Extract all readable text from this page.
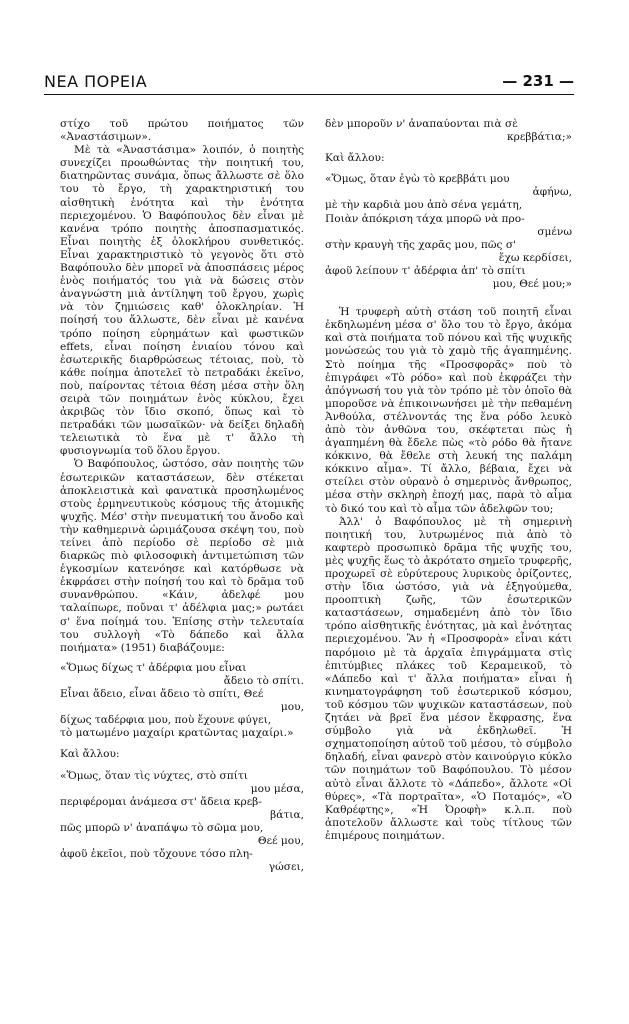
ΝΕΑ ΠΟΡΕΙΑ	— 231 —

στίχο τοῦ πρώτου ποιήματος τῶν «Ἀναστάσιμων».

Μὲ τὰ «Ἀναστάσιμα» λοιπόν, ὁ ποιητὴς συνεχίζει προωθώντας τὴν ποιητική του, διατηρῶντας συνάμα, ὅπως ἄλλωστε σὲ ὅλο του τὸ ἔργο, τὴ χαρακτηριστική του αἰσθητικὴ ἑνότητα καὶ τὴν ἑνότητα περιεχομένου. Ὁ Βαφόπουλος δὲν εἶναι μὲ κανένα τρόπο ποιητὴς ἀποσπασματικός. Εἶναι ποιητὴς ἐξ ὁλοκλήρου συνθετικός. Εἶναι χαρακτηριστικὸ τὸ γεγονὸς ὅτι στὸ Βαφόπουλο δὲν μπορεῖ νὰ ἀποσπάσεις μέρος ἑνὸς ποιήματός του γιὰ νὰ δώσεις στὸν ἀναγνώστη μιὰ ἀντίληψη τοῦ ἔργου, χωρὶς νὰ τὸν ζημιώσεις καθ' ὁλοκληρίαν. Ἡ ποίησή του ἄλλωστε, δὲν εἶναι μὲ κανένα τρόπο ποίηση εὑρημάτων καὶ φωστικῶν effets, εἶναι ποίηση ἑνιαίου τόνου καὶ ἐσωτερικῆς διαρθρώσεως τέτοιας, ποὺ, τὸ κάθε ποίημα ἀποτελεῖ τὸ πετραδάκι ἐκεῖνο, ποὺ, παίροντας τέτοια θέση μέσα στὴν ὅλη σειρὰ τῶν ποιημάτων ἑνὸς κύκλου, ἔχει ἀκριβῶς τὸν ἴδιο σκοπό, ὅπως καὶ τὸ πετραδάκι τῶν μωσαϊκῶν· νὰ δείξει δηλαδὴ τελειωτικὰ τὸ ἕνα μὲ τ' ἄλλο τὴ φυσιογνωμία τοῦ ὅλου ἔργου.

Ὁ Βαφόπουλος, ὡστόσο, σὰν ποιητὴς τῶν ἐσωτερικῶν καταστάσεων, δὲν στέκεται ἀποκλειστικὰ καὶ φανατικὰ προσηλωμένος στοὺς ἑρμηνευτικοὺς κόσμους τῆς ἀτομικῆς ψυχῆς. Μέσ' στὴν πνευματική του ἄνοδο καὶ τὴν καθημερινὰ ὡριμάζουσα σκέψη του, ποὺ τείνει ἀπὸ περίοδο σὲ περίοδο σὲ μιὰ διαρκῶς πιὸ φιλοσοφικὴ ἀντιμετώπιση τῶν ἐγκοσμίων κατενόησε καὶ κατόρθωσε νὰ ἐκφράσει στὴν ποίησή του καὶ τὸ δρᾶμα τοῦ συνανθρώπου. «Κάιν, ἀδελφέ μου ταλαίπωρε, ποὔναι τ' ἀδέλφια μας;» ρωτάει σ' ἕνα ποίημά του. Ἐπίσης στὴν τελευταία του συλλογὴ «Τὸ δάπεδο καὶ ἄλλα ποιήματα» (1951) διαβάζουμε:

«Ὅμως δίχως τ' ἀδέρφια μου εἶναι
ἄδειο τὸ σπίτι.
Εἶναι ἄδειο, εἶναι ἄδειο τὸ σπίτι, Θεέ
μου,
δίχως ταδέρφια μου, ποὺ ἔχουνε φύγει,
τὸ ματωμένο μαχαίρι κρατῶντας μαχαίρι.»
Καὶ ἄλλου:
«Ὅμως, ὅταν τὶς νύχτες, στὸ σπίτι
μου μέσα,
περιφέρομαι ἀνάμεσα στ' ἄδεια κρεβ-
βάτια,
πῶς μπορῶ ν' ἀναπάψω τὸ σῶμα μου,
Θεέ μου,
ἀφοῦ ἐκεῖοι, ποὺ τὄχουνε τόσο πλη-
γώσει,
δὲν μποροῦν ν' ἀναπαύονται πιὰ σὲ
κρεββάτια;»
Καὶ ἄλλου:
«Ὅμως, ὅταν ἐγὼ τὸ κρεββάτι μου
ἀφήνω,
μὲ τὴν καρδιὰ μου ἀπὸ σένα γεμάτη,
Ποιὰν ἀπόκριση τάχα μπορῶ νὰ προ-
σμένω
στὴν κραυγὴ τῆς χαρᾶς μου, πῶς σ'
ἔχω κερδίσει,
ἀφοῦ λείπουν τ' ἀδέρφια ἀπ' τὸ σπίτι
μου, Θεέ μου;»

Ἡ τρυφερὴ αὐτὴ στάση τοῦ ποιητῆ εἶναι ἐκδηλωμένη μέσα σ' ὅλο του τὸ ἔργο, ἀκόμα καὶ στὰ ποιήματα τοῦ πόνου καὶ τῆς ψυχικῆς μονώσεώς του γιὰ τὸ χαμὸ τῆς ἀγαπημένης. Στὸ ποίημα τῆς «Προσφορᾶς» ποὺ τὸ ἐπιγράφει «Τὸ ρόδο» καὶ ποὺ ἐκφράζει τὴν ἀπόγνωσή του γιὰ τὸν τρόπο μὲ τὸν ὁποῖο θὰ μποροῦσε νὰ ἐπικοινωνήσει μὲ τὴν πεθαμένη Ἀνθούλα, στέλνοντάς της ἕνα ρόδο λευκὸ ἀπὸ τὸν ἀνθῶνα του, σκέφτεται πὼς ἡ ἀγαπημένη θὰ ἔδελε πὼς «τὸ ρόδο θὰ ἤτανε κόκκινο, θὰ ἔθελε στὴ λευκή της παλάμη κόκκινο αἷμα». Τί ἄλλο, βέβαια, ἔχει νὰ στείλει στὸν οὐρανὸ ὁ σημερινὸς ἄνθρωπος, μέσα στὴν σκληρὴ ἐποχή μας, παρὰ τὸ αἷμα τὸ δικό του καὶ τὸ αἷμα τῶν ἀδελφῶν του;

Ἀλλ' ὁ Βαφόπουλος μὲ τὴ σημερινὴ ποιητική του, λυτρωμένος πιὰ ἀπὸ τὸ καφτερὸ προσωπικὸ δρᾶμα τῆς ψυχῆς του, μὲς ψυχῆς ἕως τὸ ἀκρότατο σημεῖο τρυφερῆς, προχωρεῖ σὲ εὐρύτερους λυρικοὺς ὁρίζοντες, στὴν ἴδια ὡστόσο, γιὰ νὰ ἐξηγούμεθα, προοπτικὴ ζωῆς, τῶν ἐσωτερικῶν καταστάσεων, σημαδεμένη ἀπὸ τὸν ἴδιο τρόπο αἰσθητικῆς ἑνότητας, μὰ καὶ ἑνότητας περιεχομένου. Ἂν ἡ «Προσφορὰ» εἶναι κάτι παρόμοιο μὲ τὰ ἀρχαῖα ἐπιγράμματα στὶς ἐπιτύμβιες πλάκες τοῦ Κεραμεικοῦ, τὸ «Δάπεδο καὶ τ' ἄλλα ποιήματα» εἶναι ἡ κινηματογράφηση τοῦ ἐσωτερικοῦ κόσμου, τοῦ κόσμου τῶν ψυχικῶν καταστάσεων, ποὺ ζητάει νὰ βρεῖ ἕνα μέσον ἔκφρασης, ἕνα σύμβολο γιὰ νὰ ἐκδηλωθεῖ. Ἡ σχηματοποίηση αὐτοῦ τοῦ μέσου, τὸ σύμβολο δηλαδή, εἶναι φανερὸ στὸν καινούργιο κύκλο τῶν ποιημάτων τοῦ Βαφόπουλου. Τὸ μέσον αὐτὸ εἶναι ἄλλοτε τὸ «Δάπεδο», ἄλλοτε «Οἱ θύρες», «Τὰ πορτραῖτα», «Ὁ Ποταμός», «Ὁ Καθρέφτης», «Ἡ Ὀροφὴ» κ.λ.π. ποὺ ἀποτελοῦν ἄλλωστε καὶ τοὺς τίτλους τῶν ἐπιμέρους ποιημάτων.
